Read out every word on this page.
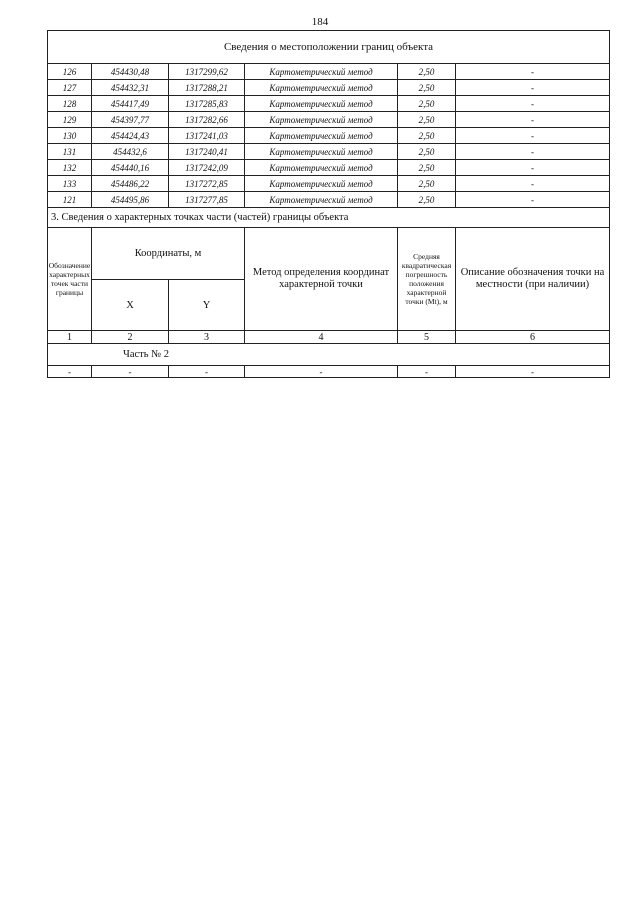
184
Сведения о местоположении границ объекта					
126	454430,48	1317299,62	Картометрический метод	2,50	-
127	454432,31	1317288,21	Картометрический метод	2,50	-
128	454417,49	1317285,83	Картометрический метод	2,50	-
129	454397,77	1317282,66	Картометрический метод	2,50	-
130	454424,43	1317241,03	Картометрический метод	2,50	-
131	454432,6	1317240,41	Картометрический метод	2,50	-
132	454440,16	1317242,09	Картометрический метод	2,50	-
133	454486,22	1317272,85	Картометрический метод	2,50	-
121	454495,86	1317277,85	Картометрический метод	2,50	-
3. Сведения о характерных точках части (частей) границы объекта					
Обозначение характерных точек части границы	Координаты, м		Метод определения координат характерной точки	Средняя квадратическая погрешность положения характерной точки (Мt), м	Описание обозначения точки на местности (при наличии)
	X	Y			
1	2	3	4	5	6
Часть № 2					
-	-	-	-	-	-
